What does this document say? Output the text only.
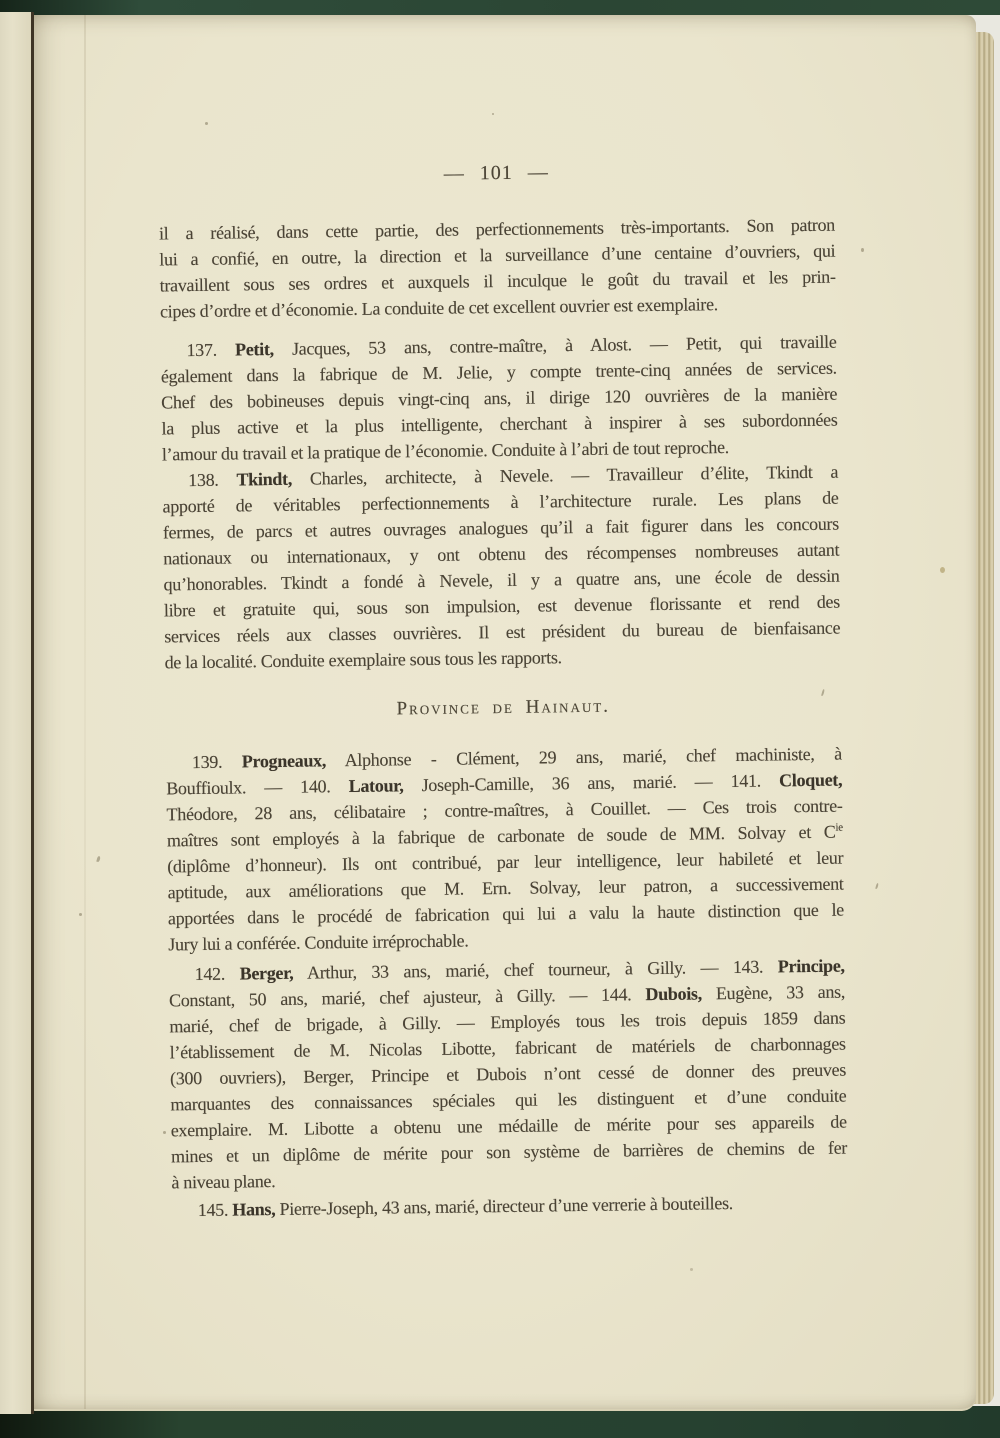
— 101 —
il a réalisé, dans cette partie, des perfectionnements très-importants. Son patron
lui a confié, en outre, la direction et la surveillance d’une centaine d’ouvriers, qui
travaillent sous ses ordres et auxquels il inculque le goût du travail et les prin-
cipes d’ordre et d’économie. La conduite de cet excellent ouvrier est exemplaire.
137. Petit, Jacques, 53 ans, contre-maître, à Alost. — Petit, qui travaille
également dans la fabrique de M. Jelie, y compte trente-cinq années de services.
Chef des bobineuses depuis vingt-cinq ans, il dirige 120 ouvrières de la manière
la plus active et la plus intelligente, cherchant à inspirer à ses subordonnées
l’amour du travail et la pratique de l’économie. Conduite à l’abri de tout reproche.
138. Tkindt, Charles, architecte, à Nevele. — Travailleur d’élite, Tkindt a
apporté de véritables perfectionnements à l’architecture rurale. Les plans de
fermes, de parcs et autres ouvrages analogues qu’il a fait figurer dans les concours
nationaux ou internationaux, y ont obtenu des récompenses nombreuses autant
qu’honorables. Tkindt a fondé à Nevele, il y a quatre ans, une école de dessin
libre et gratuite qui, sous son impulsion, est devenue florissante et rend des
services réels aux classes ouvrières. Il est président du bureau de bienfaisance
de la localité. Conduite exemplaire sous tous les rapports.
Province de Hainaut.
139. Progneaux, Alphonse - Clément, 29 ans, marié, chef machiniste, à
Bouffioulx. — 140. Latour, Joseph-Camille, 36 ans, marié. — 141. Cloquet,
Théodore, 28 ans, célibataire ; contre-maîtres, à Couillet. — Ces trois contre-
maîtres sont employés à la fabrique de carbonate de soude de MM. Solvay et $C^{ie}$
(diplôme d’honneur). Ils ont contribué, par leur intelligence, leur habileté et leur
aptitude, aux améliorations que M. Ern. Solvay, leur patron, a successivement
apportées dans le procédé de fabrication qui lui a valu la haute distinction que le
Jury lui a conférée. Conduite irréprochable.
142. Berger, Arthur, 33 ans, marié, chef tourneur, à Gilly. — 143. Principe,
Constant, 50 ans, marié, chef ajusteur, à Gilly. — 144. Dubois, Eugène, 33 ans,
marié, chef de brigade, à Gilly. — Employés tous les trois depuis 1859 dans
l’établissement de M. Nicolas Libotte, fabricant de matériels de charbonnages
(300 ouvriers), Berger, Principe et Dubois n’ont cessé de donner des preuves
marquantes des connaissances spéciales qui les distinguent et d’une conduite
exemplaire. M. Libotte a obtenu une médaille de mérite pour ses appareils de
mines et un diplôme de mérite pour son système de barrières de chemins de fer
à niveau plane.
145. Hans, Pierre-Joseph, 43 ans, marié, directeur d’une verrerie à bouteilles.
